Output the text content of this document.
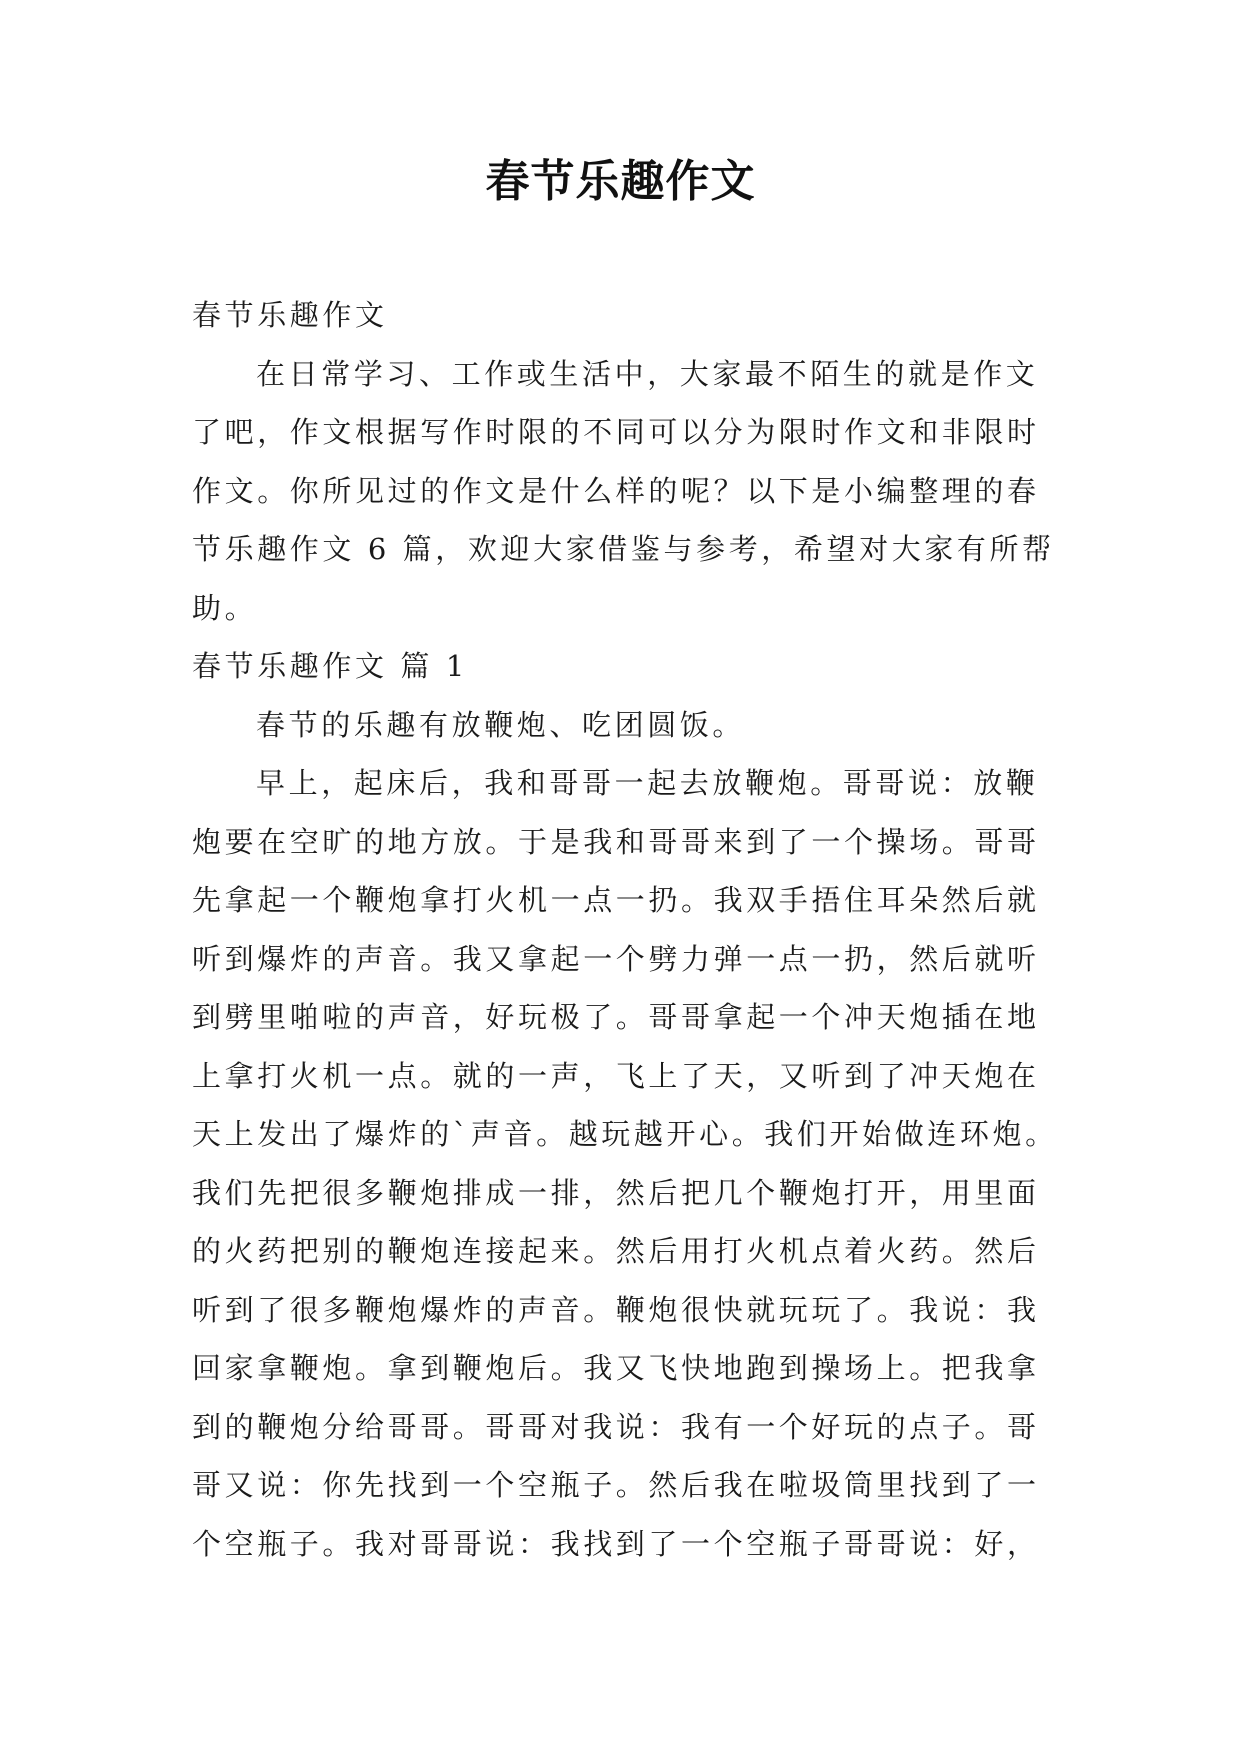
春节乐趣作文
春节乐趣作文
在日常学习、工作或生活中，大家最不陌生的就是作文
了吧，作文根据写作时限的不同可以分为限时作文和非限时
作文。你所见过的作文是什么样的呢？以下是小编整理的春
节乐趣作文 6 篇，欢迎大家借鉴与参考，希望对大家有所帮
助。
春节乐趣作文 篇 1
春节的乐趣有放鞭炮、吃团圆饭。
早上，起床后，我和哥哥一起去放鞭炮。哥哥说：放鞭
炮要在空旷的地方放。于是我和哥哥来到了一个操场。哥哥
先拿起一个鞭炮拿打火机一点一扔。我双手捂住耳朵然后就
听到爆炸的声音。我又拿起一个劈力弹一点一扔，然后就听
到劈里啪啦的声音，好玩极了。哥哥拿起一个冲天炮插在地
上拿打火机一点。就的一声，飞上了天，又听到了冲天炮在
天上发出了爆炸的`声音。越玩越开心。我们开始做连环炮。
我们先把很多鞭炮排成一排，然后把几个鞭炮打开，用里面
的火药把别的鞭炮连接起来。然后用打火机点着火药。然后
听到了很多鞭炮爆炸的声音。鞭炮很快就玩玩了。我说：我
回家拿鞭炮。拿到鞭炮后。我又飞快地跑到操场上。把我拿
到的鞭炮分给哥哥。哥哥对我说：我有一个好玩的点子。哥
哥又说：你先找到一个空瓶子。然后我在啦圾筒里找到了一
个空瓶子。我对哥哥说：我找到了一个空瓶子哥哥说：好，
